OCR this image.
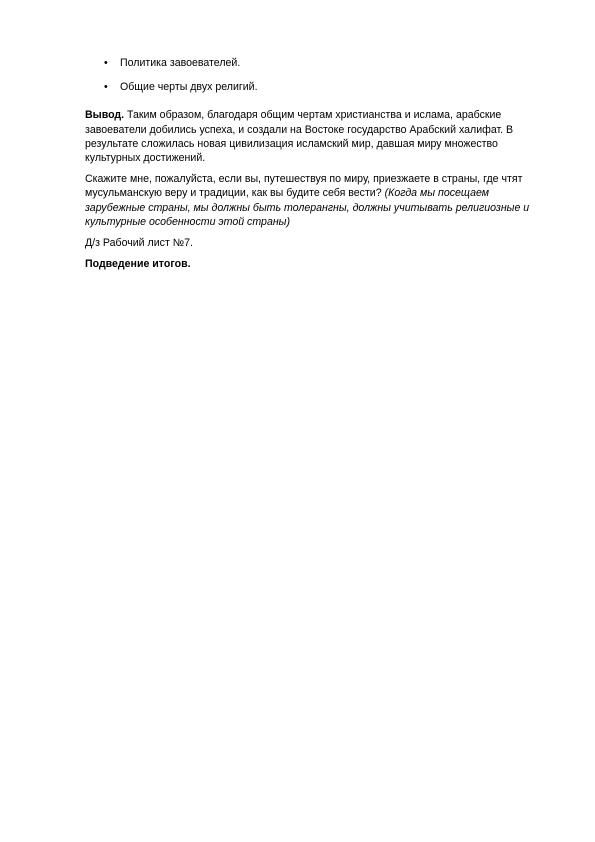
• Политика завоевателей.
• Общие черты двух религий.

Вывод. Таким образом, благодаря общим чертам христианства и ислама, арабские
завоеватели добились успеха, и создали на Востоке государство Арабский халифат. В
результате сложилась новая цивилизация исламский мир, давшая миру множество
культурных достижений.

Скажите мне, пожалуйста, если вы, путешествуя по миру, приезжаете в страны, где чтят
мусульманскую веру и традиции, как вы будите себя вести? (Когда мы посещаем
зарубежные страны, мы должны быть толерангны, должны учитывать религиозные и
культурные особенности этой страны)

Д/з Рабочий лист №7.

Подведение итогов.
